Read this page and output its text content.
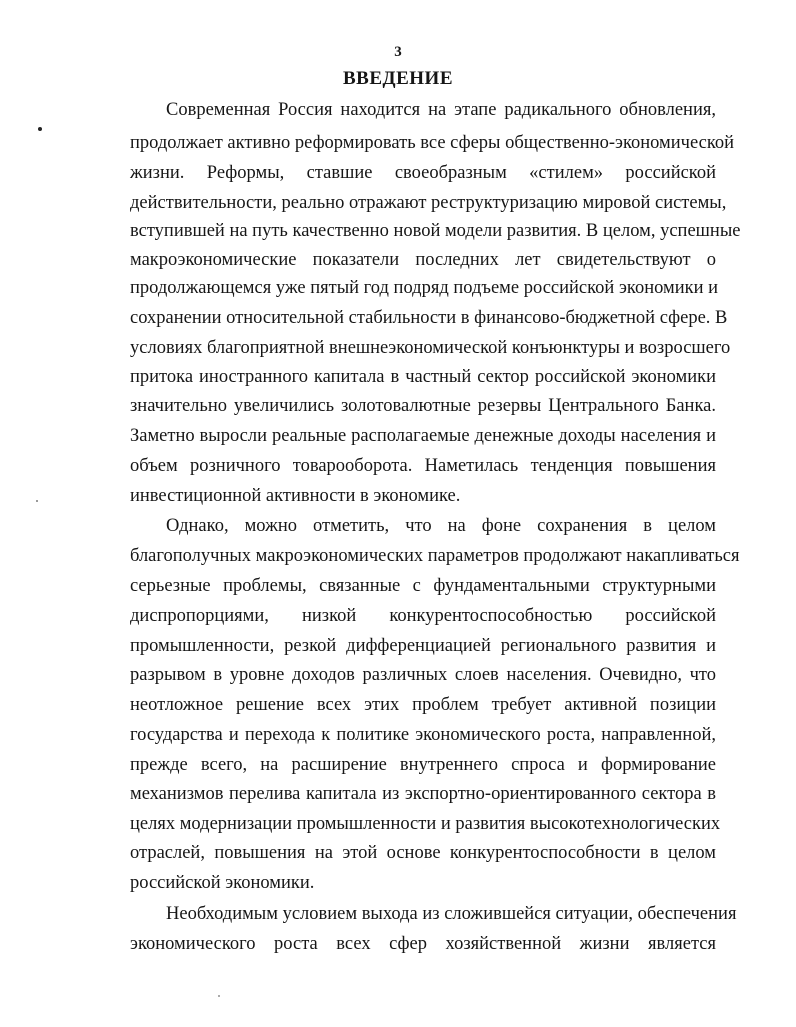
3
ВВЕДЕНИЕ
Современная Россия находится на этапе радикального обновления,
продолжает активно реформировать все сферы общественно-экономической
жизни. Реформы, ставшие своеобразным «стилем» российской
действительности, реально отражают реструктуризацию мировой системы,
вступившей на путь качественно новой модели развития. В целом, успешные
макроэкономические показатели последних лет свидетельствуют о
продолжающемся уже пятый год подряд подъеме российской экономики и
сохранении относительной стабильности в финансово-бюджетной сфере. В
условиях благоприятной внешнеэкономической конъюнктуры и возросшего
притока иностранного капитала в частный сектор российской экономики
значительно увеличились золотовалютные резервы Центрального Банка.
Заметно выросли реальные располагаемые денежные доходы населения и
объем розничного товарооборота. Наметилась тенденция повышения
инвестиционной активности в экономике.
Однако, можно отметить, что на фоне сохранения в целом
благополучных макроэкономических параметров продолжают накапливаться
серьезные проблемы, связанные с фундаментальными структурными
диспропорциями, низкой конкурентоспособностью российской
промышленности, резкой дифференциацией регионального развития и
разрывом в уровне доходов различных слоев населения. Очевидно, что
неотложное решение всех этих проблем требует активной позиции
государства и перехода к политике экономического роста, направленной,
прежде всего, на расширение внутреннего спроса и формирование
механизмов перелива капитала из экспортно-ориентированного сектора в
целях модернизации промышленности и развития высокотехнологических
отраслей, повышения на этой основе конкурентоспособности в целом
российской экономики.
Необходимым условием выхода из сложившейся ситуации, обеспечения
экономического роста всех сфер хозяйственной жизни является
